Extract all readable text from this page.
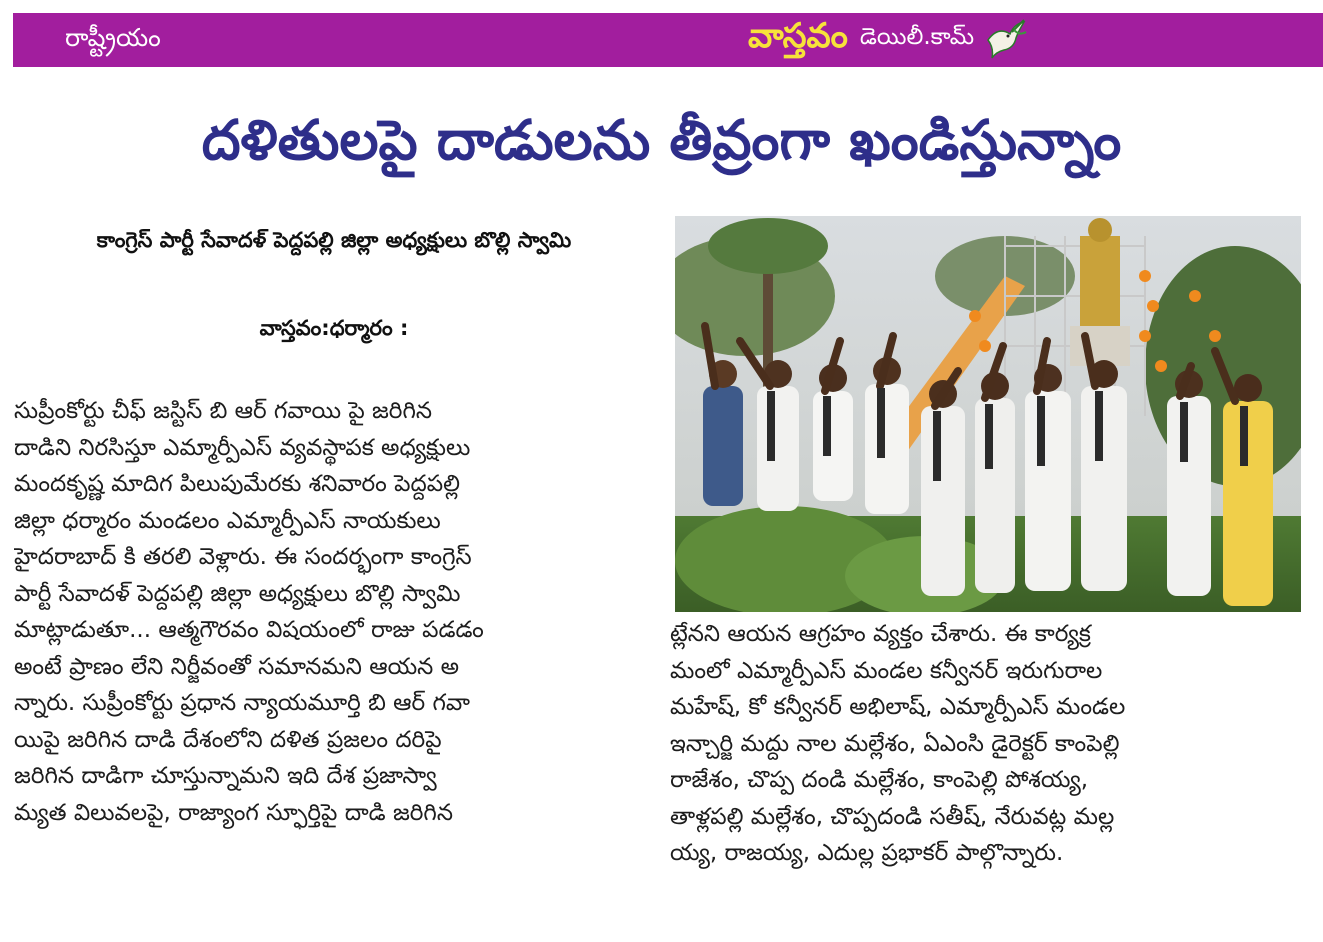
రాష్ట్రీయం	వాస్తవం డెయిలీ.కామ్
దళితులపై దాడులను తీవ్రంగా ఖండిస్తున్నాం
కాంగ్రెస్ పార్టీ సేవాదళ్ పెద్దపల్లి జిల్లా అధ్యక్షులు బొల్లి స్వామి
వాస్తవం:ధర్మారం :
సుప్రీంకోర్టు చీఫ్ జస్టిస్ బి ఆర్ గవాయి పై జరిగిన
దాడిని నిరసిస్తూ ఎమ్మార్పీఎస్ వ్యవస్థాపక అధ్యక్షులు
మందకృష్ణ మాదిగ పిలుపుమేరకు శనివారం పెద్దపల్లి
జిల్లా ధర్మారం మండలం ఎమ్మార్పీఎస్ నాయకులు
హైదరాబాద్ కి తరలి వెళ్లారు. ఈ సందర్భంగా కాంగ్రెస్
పార్టీ సేవాదళ్ పెద్దపల్లి జిల్లా అధ్యక్షులు బొల్లి స్వామి
మాట్లాడుతూ... ఆత్మగౌరవం విషయంలో రాజు పడడం
అంటే ప్రాణం లేని నిర్జీవంతో సమానమని ఆయన అ
న్నారు. సుప్రీంకోర్టు ప్రధాన న్యాయమూర్తి బి ఆర్ గవా
యిపై జరిగిన దాడి దేశంలోని దళిత ప్రజలం దరిపై
జరిగిన దాడిగా చూస్తున్నామని ఇది దేశ ప్రజాస్వా
మ్యత విలువలపై, రాజ్యాంగ స్ఫూర్తిపై దాడి జరిగిన
ట్లేనని ఆయన ఆగ్రహం వ్యక్తం చేశారు. ఈ కార్యక్ర
మంలో ఎమ్మార్పీఎస్ మండల కన్వీనర్ ఇరుగురాల
మహేష్, కో కన్వీనర్ అభిలాష్, ఎమ్మార్పీఎస్ మండల
ఇన్చార్జి మద్దు నాల మల్లేశం, ఏఎంసి డైరెక్టర్ కాంపెల్లి
రాజేశం, చొప్ప దండి మల్లేశం, కాంపెల్లి పోశయ్య,
తాళ్లపల్లి మల్లేశం, చొప్పదండి సతీష్, నేరువట్ల మల్ల
య్య, రాజయ్య, ఎదుల్ల ప్రభాకర్ పాల్గొన్నారు.
